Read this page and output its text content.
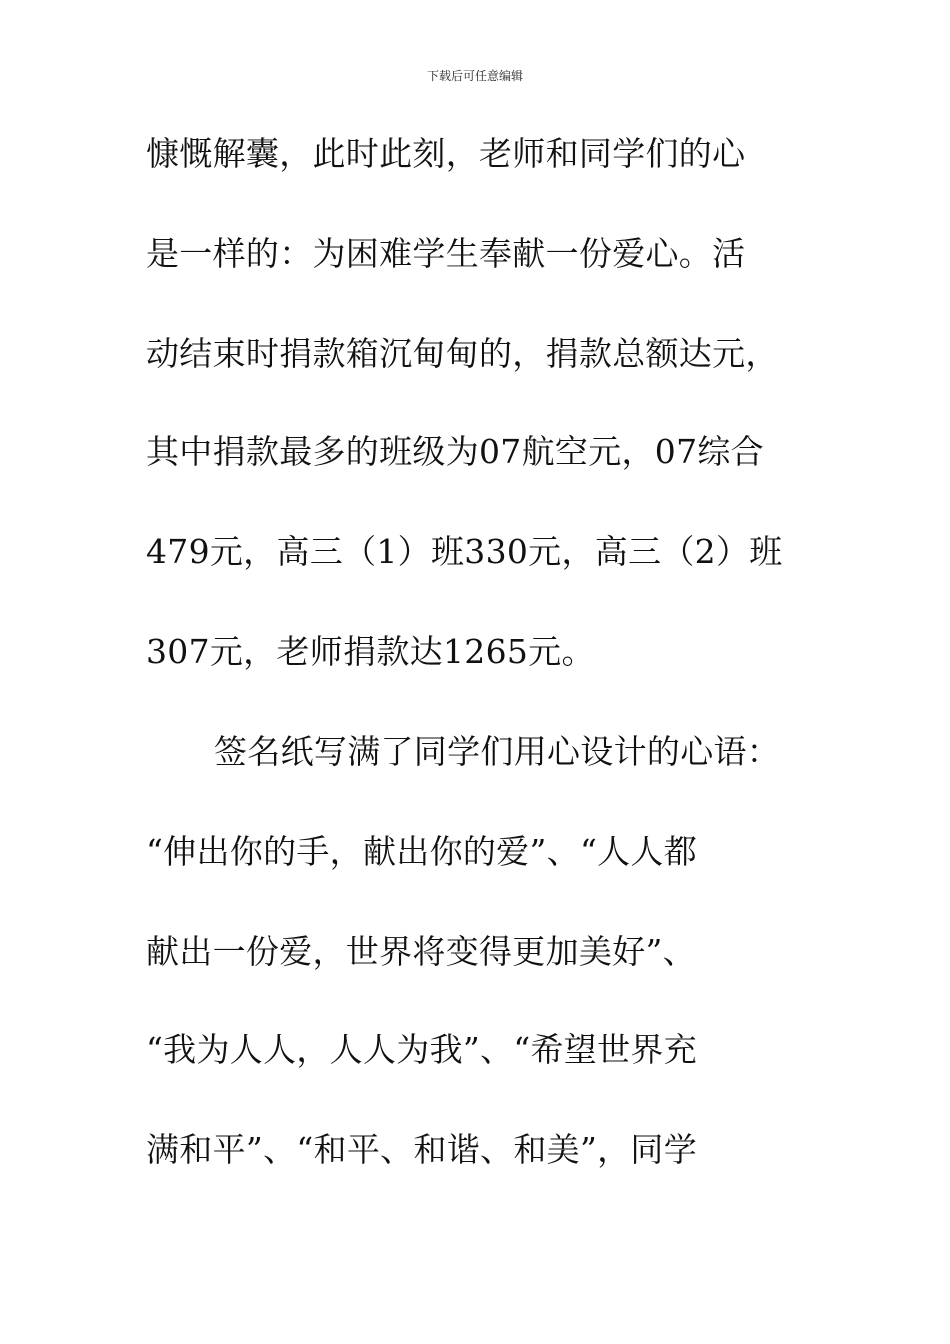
下载后可任意编辑
慷慨解囊，此时此刻，老师和同学们的心
是一样的：为困难学生奉献一份爱心。活
动结束时捐款箱沉甸甸的，捐款总额达元，
其中捐款最多的班级为07航空元，07综合
479元，高三（1）班330元，高三（2）班
307元，老师捐款达1265元。
签名纸写满了同学们用心设计的心语：
“伸出你的手，献出你的爱”、“人人都
献出一份爱，世界将变得更加美好”、
“我为人人，人人为我”、“希望世界充
满和平”、“和平、和谐、和美”，同学
